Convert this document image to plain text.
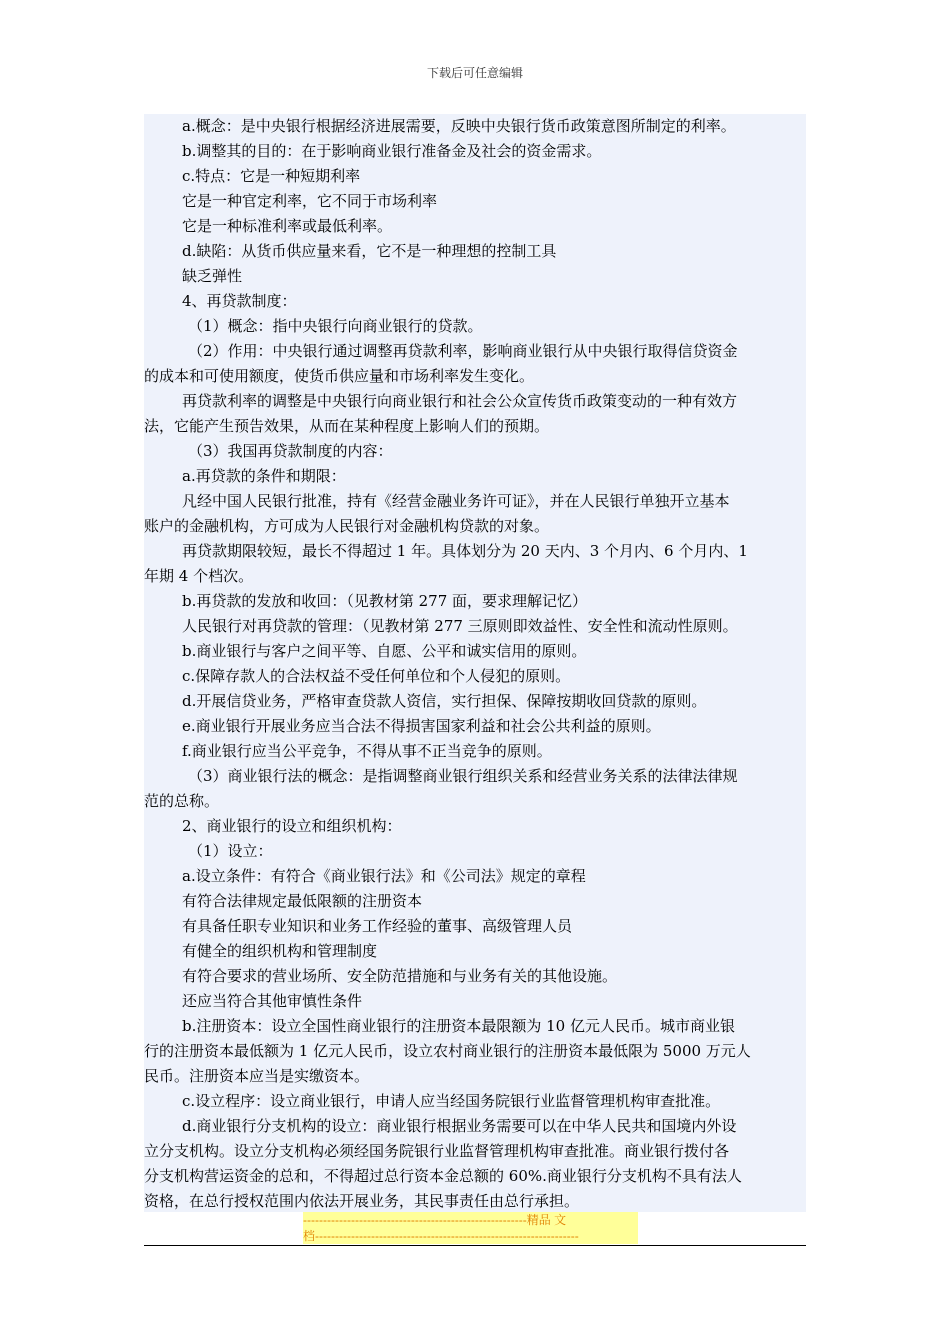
下载后可任意编辑
a.概念：是中央银行根据经济进展需要，反映中央银行货币政策意图所制定的利率。
b.调整其的目的：在于影响商业银行准备金及社会的资金需求。
c.特点：它是一种短期利率
它是一种官定利率，它不同于市场利率
它是一种标准利率或最低利率。
d.缺陷：从货币供应量来看，它不是一种理想的控制工具
缺乏弹性
4、再贷款制度：
（1）概念：指中央银行向商业银行的贷款。
（2）作用：中央银行通过调整再贷款利率，影响商业银行从中央银行取得信贷资金
的成本和可使用额度，使货币供应量和市场利率发生变化。
再贷款利率的调整是中央银行向商业银行和社会公众宣传货币政策变动的一种有效方
法，它能产生预告效果，从而在某种程度上影响人们的预期。
（3）我国再贷款制度的内容：
a.再贷款的条件和期限：
凡经中国人民银行批准，持有《经营金融业务许可证》，并在人民银行单独开立基本
账户的金融机构，方可成为人民银行对金融机构贷款的对象。
再贷款期限较短，最长不得超过 1 年。具体划分为 20 天内、3 个月内、6 个月内、1
年期 4 个档次。
b.再贷款的发放和收回：（见教材第 277 面，要求理解记忆）
人民银行对再贷款的管理：（见教材第 277 三原则即效益性、安全性和流动性原则。
b.商业银行与客户之间平等、自愿、公平和诚实信用的原则。
c.保障存款人的合法权益不受任何单位和个人侵犯的原则。
d.开展信贷业务，严格审查贷款人资信，实行担保、保障按期收回贷款的原则。
e.商业银行开展业务应当合法不得损害国家利益和社会公共利益的原则。
f.商业银行应当公平竞争，不得从事不正当竞争的原则。
（3）商业银行法的概念：是指调整商业银行组织关系和经营业务关系的法律法律规
范的总称。
2、商业银行的设立和组织机构：
（1）设立：
a.设立条件：有符合《商业银行法》和《公司法》规定的章程
有符合法律规定最低限额的注册资本
有具备任职专业知识和业务工作经验的董事、高级管理人员
有健全的组织机构和管理制度
有符合要求的营业场所、安全防范措施和与业务有关的其他设施。
还应当符合其他审慎性条件
b.注册资本：设立全国性商业银行的注册资本最限额为 10 亿元人民币。城市商业银
行的注册资本最低额为 1 亿元人民币，设立农村商业银行的注册资本最低限为 5000 万元人
民币。注册资本应当是实缴资本。
c.设立程序：设立商业银行，申请人应当经国务院银行业监督管理机构审查批准。
d.商业银行分支机构的设立：商业银行根据业务需要可以在中华人民共和国境内外设
立分支机构。设立分支机构必须经国务院银行业监督管理机构审查批准。商业银行拨付各
分支机构营运资金的总和，不得超过总行资本金总额的 60%.商业银行分支机构不具有法人
资格，在总行授权范围内依法开展业务，其民事责任由总行承担。
--------------------------------------------------------精品 文
档------------------------------------------------------------------
